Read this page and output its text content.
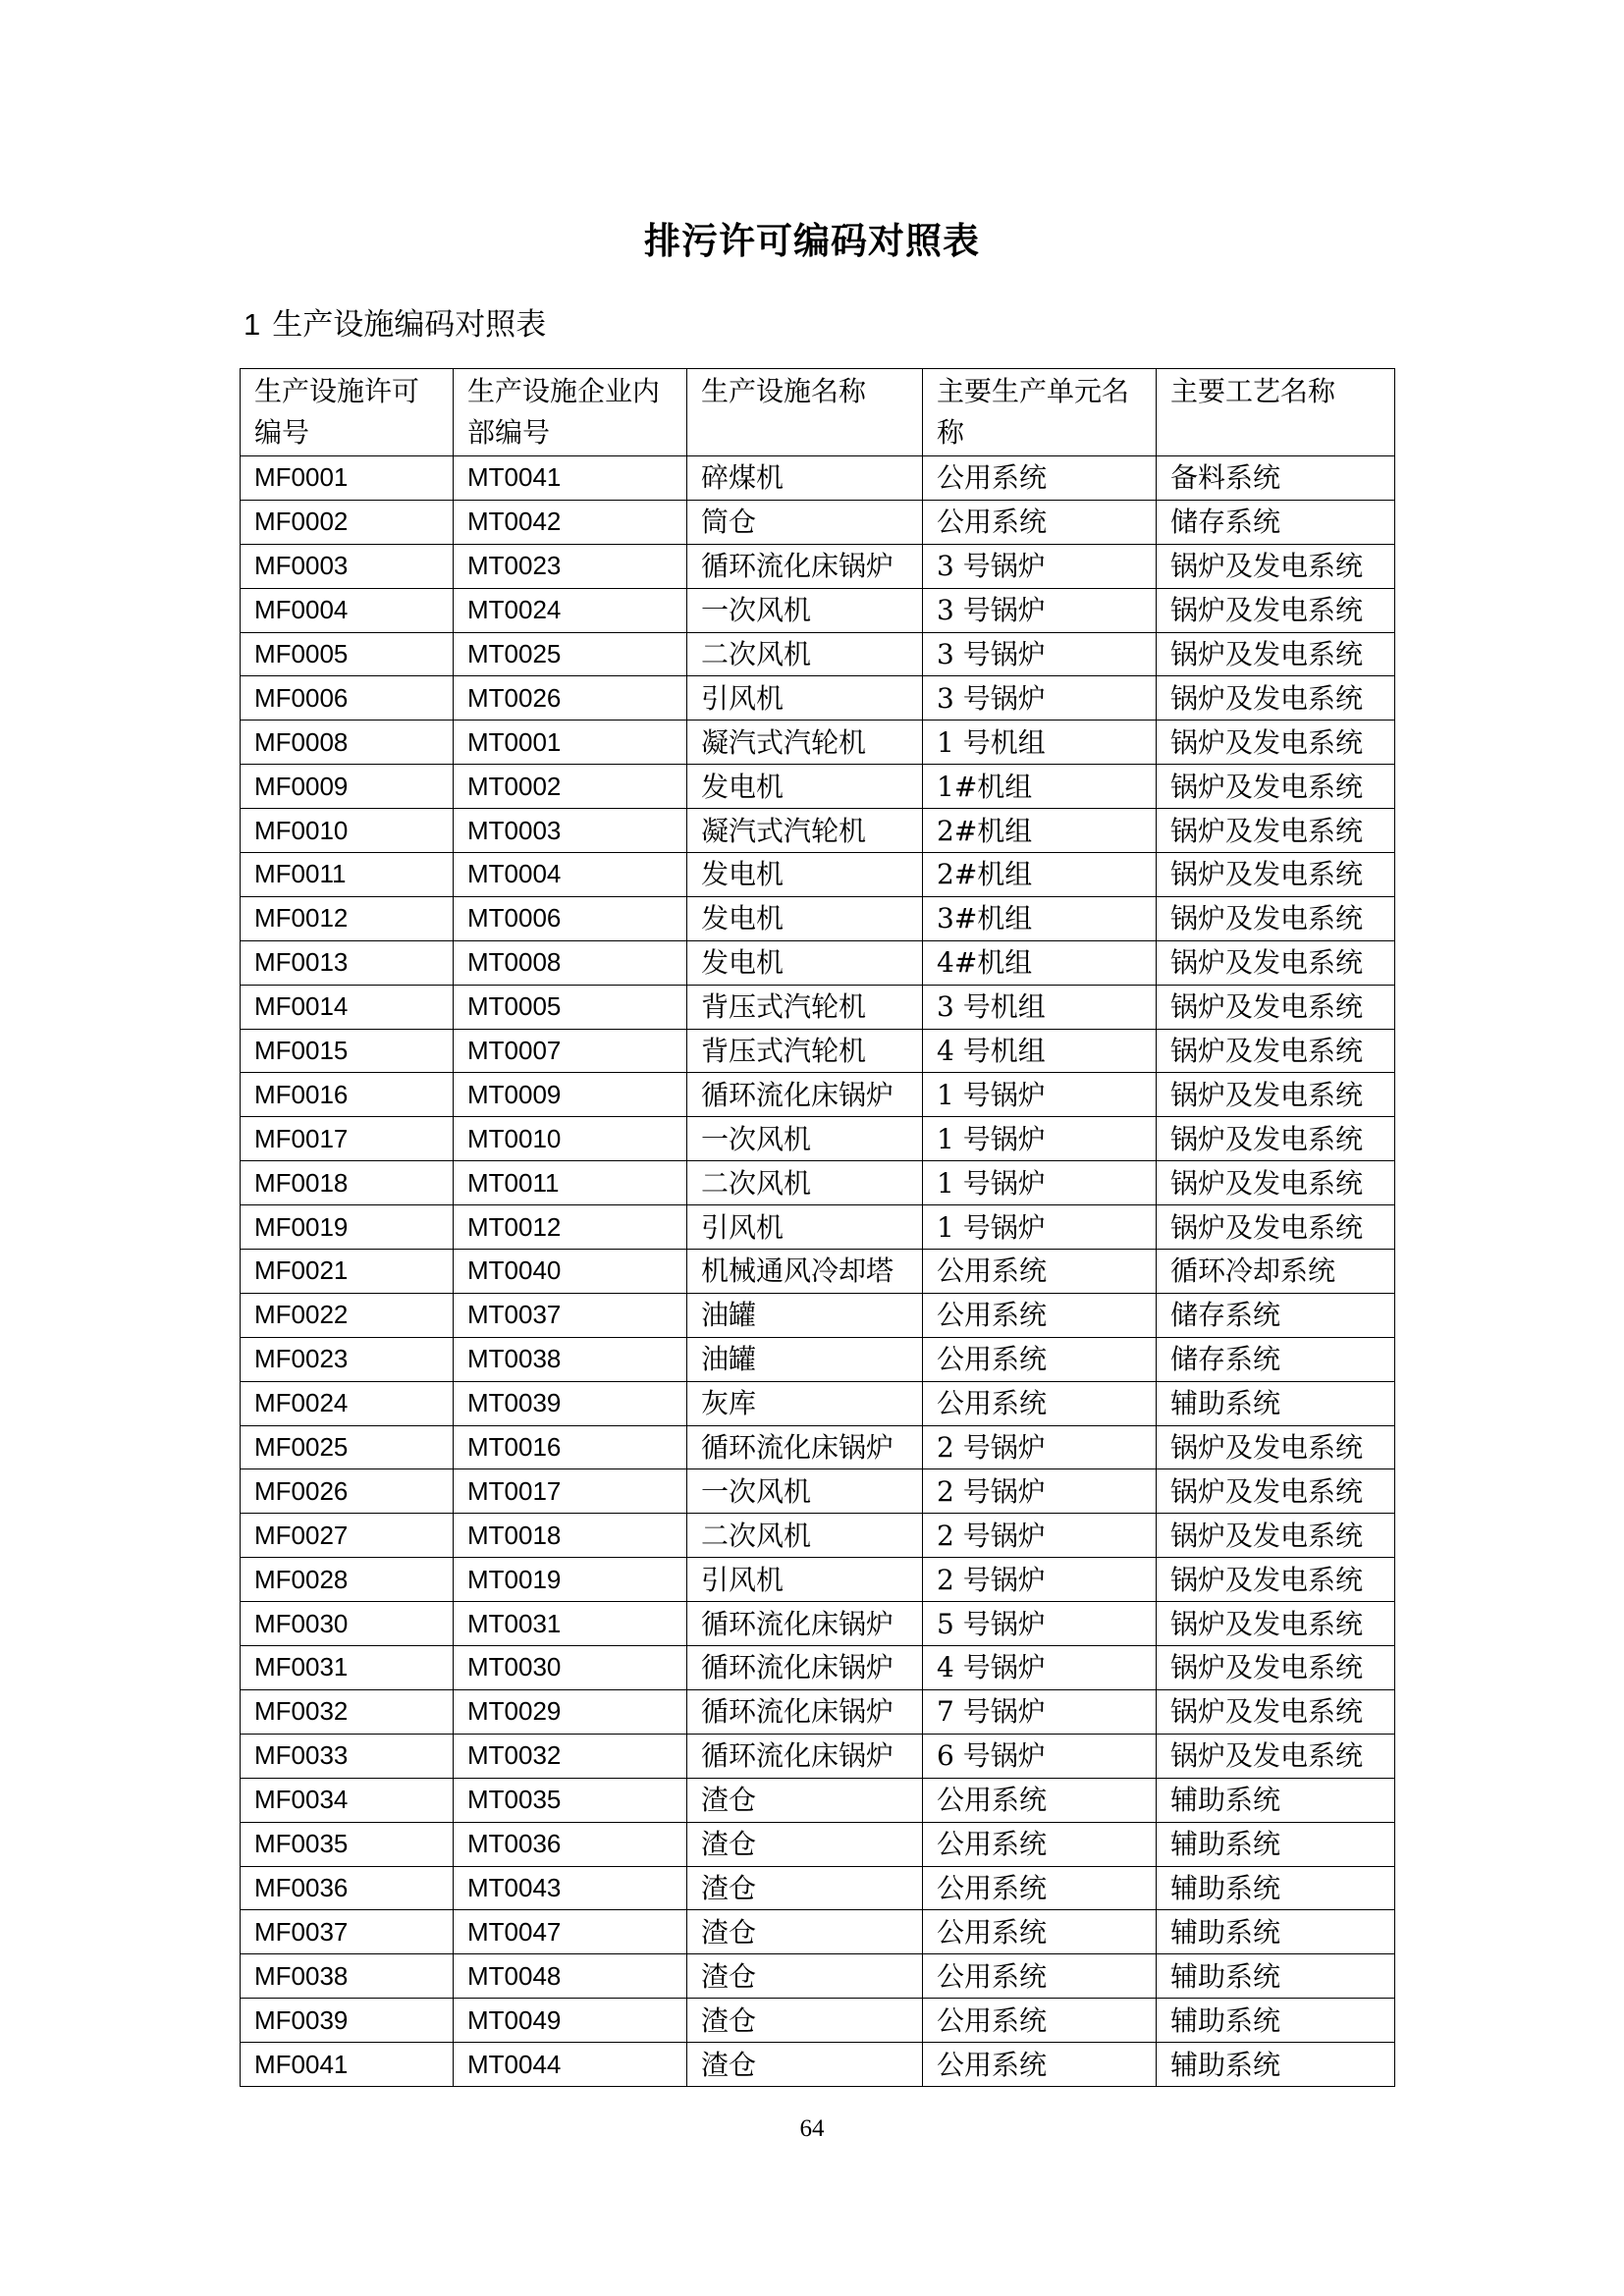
排污许可编码对照表
1 生产设施编码对照表
生产设施许可编号	生产设施企业内部编号	生产设施名称	主要生产单元名称	主要工艺名称
MF0001	MT0041	碎煤机	公用系统	备料系统
MF0002	MT0042	筒仓	公用系统	储存系统
MF0003	MT0023	循环流化床锅炉	3 号锅炉	锅炉及发电系统
MF0004	MT0024	一次风机	3 号锅炉	锅炉及发电系统
MF0005	MT0025	二次风机	3 号锅炉	锅炉及发电系统
MF0006	MT0026	引风机	3 号锅炉	锅炉及发电系统
MF0008	MT0001	凝汽式汽轮机	1 号机组	锅炉及发电系统
MF0009	MT0002	发电机	1#机组	锅炉及发电系统
MF0010	MT0003	凝汽式汽轮机	2#机组	锅炉及发电系统
MF0011	MT0004	发电机	2#机组	锅炉及发电系统
MF0012	MT0006	发电机	3#机组	锅炉及发电系统
MF0013	MT0008	发电机	4#机组	锅炉及发电系统
MF0014	MT0005	背压式汽轮机	3 号机组	锅炉及发电系统
MF0015	MT0007	背压式汽轮机	4 号机组	锅炉及发电系统
MF0016	MT0009	循环流化床锅炉	1 号锅炉	锅炉及发电系统
MF0017	MT0010	一次风机	1 号锅炉	锅炉及发电系统
MF0018	MT0011	二次风机	1 号锅炉	锅炉及发电系统
MF0019	MT0012	引风机	1 号锅炉	锅炉及发电系统
MF0021	MT0040	机械通风冷却塔	公用系统	循环冷却系统
MF0022	MT0037	油罐	公用系统	储存系统
MF0023	MT0038	油罐	公用系统	储存系统
MF0024	MT0039	灰库	公用系统	辅助系统
MF0025	MT0016	循环流化床锅炉	2 号锅炉	锅炉及发电系统
MF0026	MT0017	一次风机	2 号锅炉	锅炉及发电系统
MF0027	MT0018	二次风机	2 号锅炉	锅炉及发电系统
MF0028	MT0019	引风机	2 号锅炉	锅炉及发电系统
MF0030	MT0031	循环流化床锅炉	5 号锅炉	锅炉及发电系统
MF0031	MT0030	循环流化床锅炉	4 号锅炉	锅炉及发电系统
MF0032	MT0029	循环流化床锅炉	7 号锅炉	锅炉及发电系统
MF0033	MT0032	循环流化床锅炉	6 号锅炉	锅炉及发电系统
MF0034	MT0035	渣仓	公用系统	辅助系统
MF0035	MT0036	渣仓	公用系统	辅助系统
MF0036	MT0043	渣仓	公用系统	辅助系统
MF0037	MT0047	渣仓	公用系统	辅助系统
MF0038	MT0048	渣仓	公用系统	辅助系统
MF0039	MT0049	渣仓	公用系统	辅助系统
MF0041	MT0044	渣仓	公用系统	辅助系统
64
